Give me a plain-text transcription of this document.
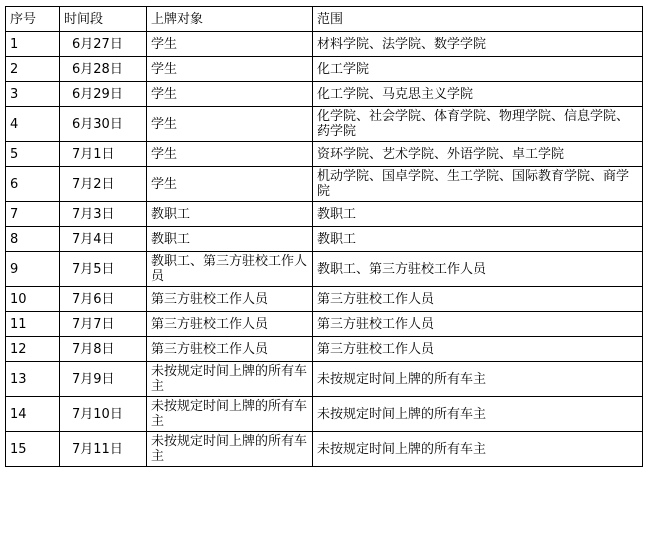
序号	时间段	上牌对象	范围
1	6月27日	学生	材料学院、法学院、数学学院
2	6月28日	学生	化工学院
3	6月29日	学生	化工学院、马克思主义学院
4	6月30日	学生	化学院、社会学院、体育学院、物理学院、信息学院、药学院
5	7月1日	学生	资环学院、艺术学院、外语学院、卓工学院
6	7月2日	学生	机动学院、国卓学院、生工学院、国际教育学院、商学院
7	7月3日	教职工	教职工
8	7月4日	教职工	教职工
9	7月5日	教职工、第三方驻校工作人员	教职工、第三方驻校工作人员
10	7月6日	第三方驻校工作人员	第三方驻校工作人员
11	7月7日	第三方驻校工作人员	第三方驻校工作人员
12	7月8日	第三方驻校工作人员	第三方驻校工作人员
13	7月9日	未按规定时间上牌的所有车主	未按规定时间上牌的所有车主
14	7月10日	未按规定时间上牌的所有车主	未按规定时间上牌的所有车主
15	7月11日	未按规定时间上牌的所有车主	未按规定时间上牌的所有车主
